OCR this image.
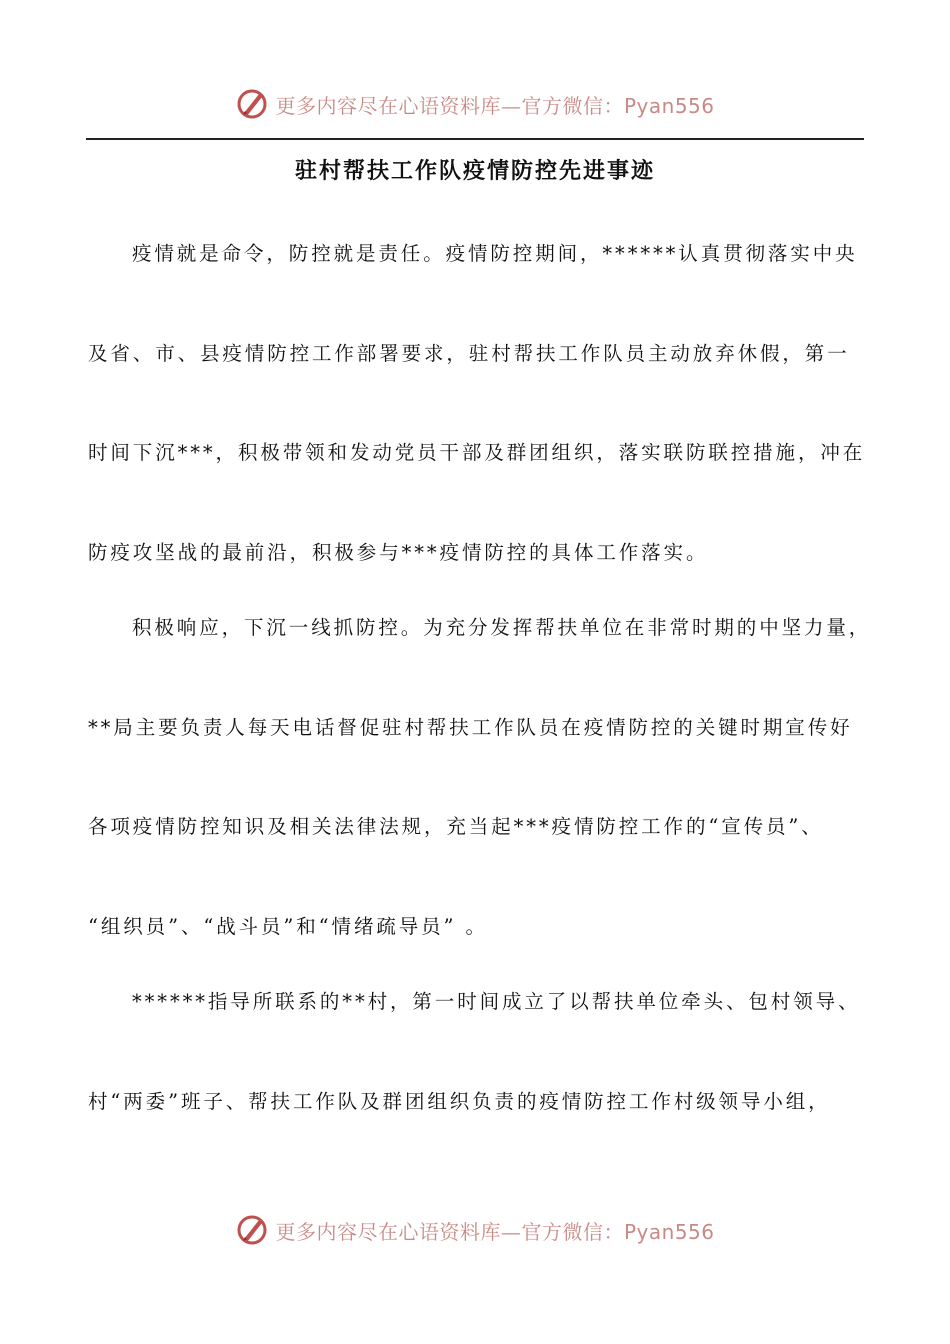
更多内容尽在心语资料库—官方微信：Pyan556
驻村帮扶工作队疫情防控先进事迹
疫情就是命令，防控就是责任。疫情防控期间，******认真贯彻落实中央
及省、市、县疫情防控工作部署要求，驻村帮扶工作队员主动放弃休假，第一
时间下沉***，积极带领和发动党员干部及群团组织，落实联防联控措施，冲在
防疫攻坚战的最前沿，积极参与***疫情防控的具体工作落实。
积极响应，下沉一线抓防控。为充分发挥帮扶单位在非常时期的中坚力量，
**局主要负责人每天电话督促驻村帮扶工作队员在疫情防控的关键时期宣传好
各项疫情防控知识及相关法律法规，充当起***疫情防控工作的“宣传员”、
“组织员”、“战斗员”和“情绪疏导员” 。
******指导所联系的**村，第一时间成立了以帮扶单位牵头、包村领导、
村“两委”班子、帮扶工作队及群团组织负责的疫情防控工作村级领导小组，
更多内容尽在心语资料库—官方微信：Pyan556
